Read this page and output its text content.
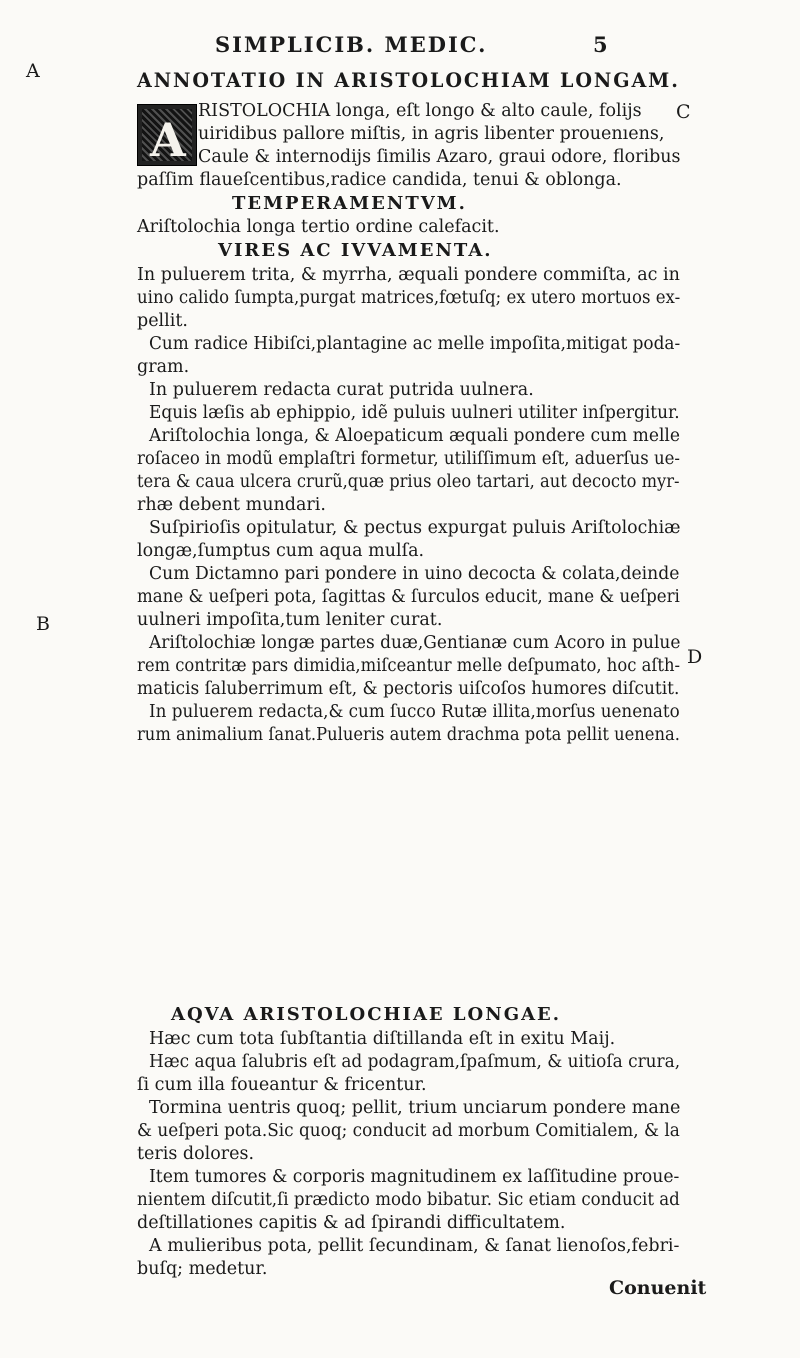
SIMPLICIB. MEDIC.	5
A
C
B
D
ANNOTATIO IN ARISTOLOCHIAM LONGAM.
A
RISTOLOCHIA longa, eſt longo & alto caule, folijs
uiridibus pallore miſtis, in agris libenter prouenıens,
Caule & internodijs ſimilis Azaro, graui odore, floribus
paſſim flaueſcentibus,radice candida, tenui & oblonga.
TEMPERAMENTVM.
Ariſtolochia longa tertio ordine calefacit.
VIRES AC IVVAMENTA.
In puluerem trita, & myrrha, æquali pondere commiſta, ac in
uino calido ſumpta,purgat matrices,fœtuſq; ex utero mortuos ex-
pellit.
Cum radice Hibiſci,plantagine ac melle impoſita,mitigat poda-
gram.
In puluerem redacta curat putrida uulnera.
Equis læſis ab ephippio, idẽ puluis uulneri utiliter inſpergitur.
Ariſtolochia longa, & Aloepaticum æquali pondere cum melle
roſaceo in modũ emplaſtri formetur, utiliſſimum eſt, aduerſus ue-
tera & caua ulcera crurũ,quæ prius oleo tartari, aut decocto myr-
rhæ debent mundari.
Suſpirioſis opitulatur, & pectus expurgat puluis Ariſtolochiæ
longæ,ſumptus cum aqua mulſa.
Cum Dictamno pari pondere in uino decocta & colata,deinde
mane & ueſperi pota, ſagittas & ſurculos educit, mane & ueſperi
uulneri impoſita,tum leniter curat.
Ariſtolochiæ longæ partes duæ,Gentianæ cum Acoro in pulue
rem contritæ pars dimidia,miſceantur melle deſpumato, hoc aſth-
maticis ſaluberrimum eſt, & pectoris uiſcoſos humores diſcutit.
In puluerem redacta,& cum ſucco Rutæ illita,morſus uenenato
rum animalium ſanat.Pulueris autem drachma pota pellit uenena.
AQVA ARISTOLOCHIAE LONGAE.
Hæc cum tota ſubſtantia diſtillanda eſt in exitu Maij.
Hæc aqua ſalubris eſt ad podagram,ſpaſmum, & uitioſa crura,
ſi cum illa foueantur & fricentur.
Tormina uentris quoq; pellit, trium unciarum pondere mane
& ueſperi pota.Sic quoq; conducit ad morbum Comitialem, & la
teris dolores.
Item tumores & corporis magnitudinem ex laſſitudine proue-
nientem diſcutit,ſi prædicto modo bibatur. Sic etiam conducit ad
deſtillationes capitis & ad ſpirandi difficultatem.
A mulieribus pota, pellit ſecundinam, & ſanat lienoſos,febri-
buſq; medetur.
Conuenit
